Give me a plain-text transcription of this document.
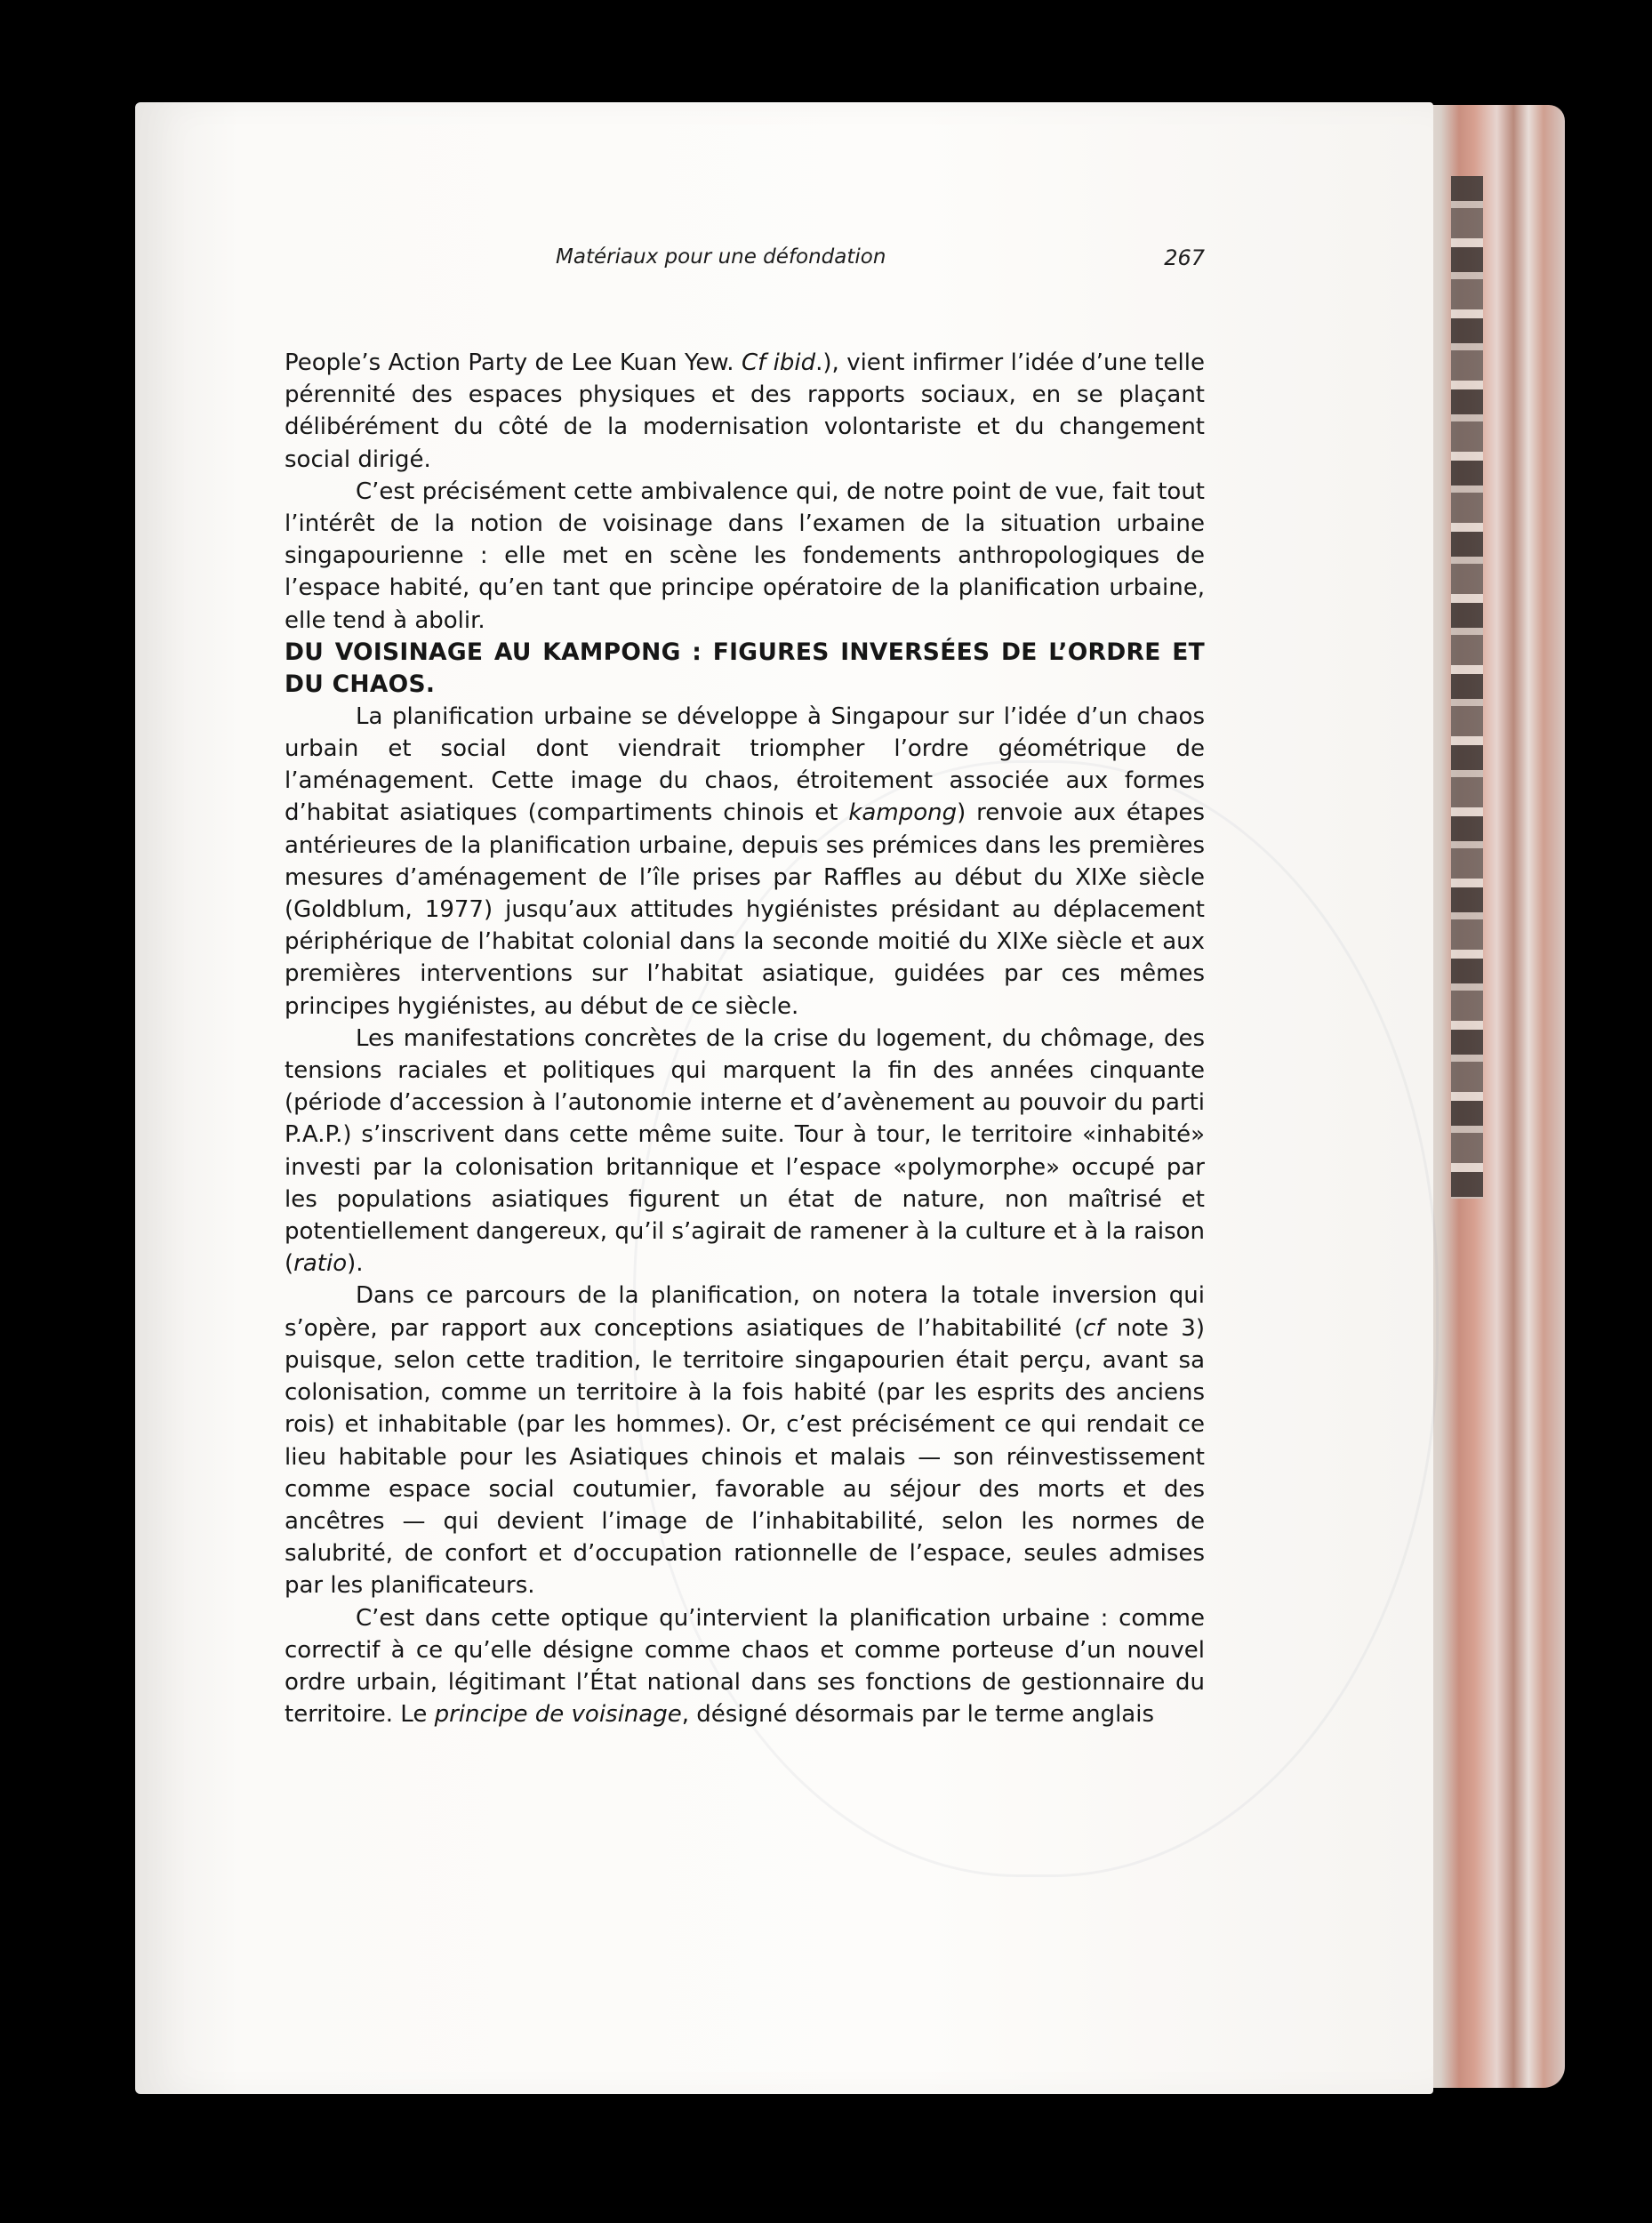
Matériaux pour une défondation	267

People’s Action Party de Lee Kuan Yew. Cf ibid.), vient infirmer l’idée d’une telle pérennité des espaces physiques et des rapports sociaux, en se plaçant délibérément du côté de la modernisation volontariste et du changement social dirigé.

C’est précisément cette ambivalence qui, de notre point de vue, fait tout l’intérêt de la notion de voisinage dans l’examen de la situation urbaine singapourienne : elle met en scène les fondements anthropologiques de l’espace habité, qu’en tant que principe opératoire de la planification urbaine, elle tend à abolir.

DU VOISINAGE AU KAMPONG : FIGURES INVERSÉES DE L’ORDRE ET DU CHAOS.

La planification urbaine se développe à Singapour sur l’idée d’un chaos urbain et social dont viendrait triompher l’ordre géométrique de l’aménagement. Cette image du chaos, étroitement associée aux formes d’habitat asiatiques (compartiments chinois et kampong) renvoie aux étapes antérieures de la planification urbaine, depuis ses prémices dans les premières mesures d’aménagement de l’île prises par Raffles au début du XIXe siècle (Goldblum, 1977) jusqu’aux attitudes hygiénistes présidant au déplacement périphérique de l’habitat colonial dans la seconde moitié du XIXe siècle et aux premières interventions sur l’habitat asiatique, guidées par ces mêmes principes hygiénistes, au début de ce siècle.

Les manifestations concrètes de la crise du logement, du chômage, des tensions raciales et politiques qui marquent la fin des années cinquante (période d’accession à l’autonomie interne et d’avènement au pouvoir du parti P.A.P.) s’inscrivent dans cette même suite. Tour à tour, le territoire «inhabité» investi par la colonisation britannique et l’espace «polymorphe» occupé par les populations asiatiques figurent un état de nature, non maîtrisé et potentiellement dangereux, qu’il s’agirait de ramener à la culture et à la raison (ratio).

Dans ce parcours de la planification, on notera la totale inversion qui s’opère, par rapport aux conceptions asiatiques de l’habitabilité (cf note 3) puisque, selon cette tradition, le territoire singapourien était perçu, avant sa colonisation, comme un territoire à la fois habité (par les esprits des anciens rois) et inhabitable (par les hommes). Or, c’est précisément ce qui rendait ce lieu habitable pour les Asiatiques chinois et malais — son réinvestissement comme espace social coutumier, favorable au séjour des morts et des ancêtres — qui devient l’image de l’inhabitabilité, selon les normes de salubrité, de confort et d’occupation rationnelle de l’espace, seules admises par les planificateurs.

C’est dans cette optique qu’intervient la planification urbaine : comme correctif à ce qu’elle désigne comme chaos et comme porteuse d’un nouvel ordre urbain, légitimant l’État national dans ses fonctions de gestionnaire du territoire. Le principe de voisinage, désigné désormais par le terme anglais
